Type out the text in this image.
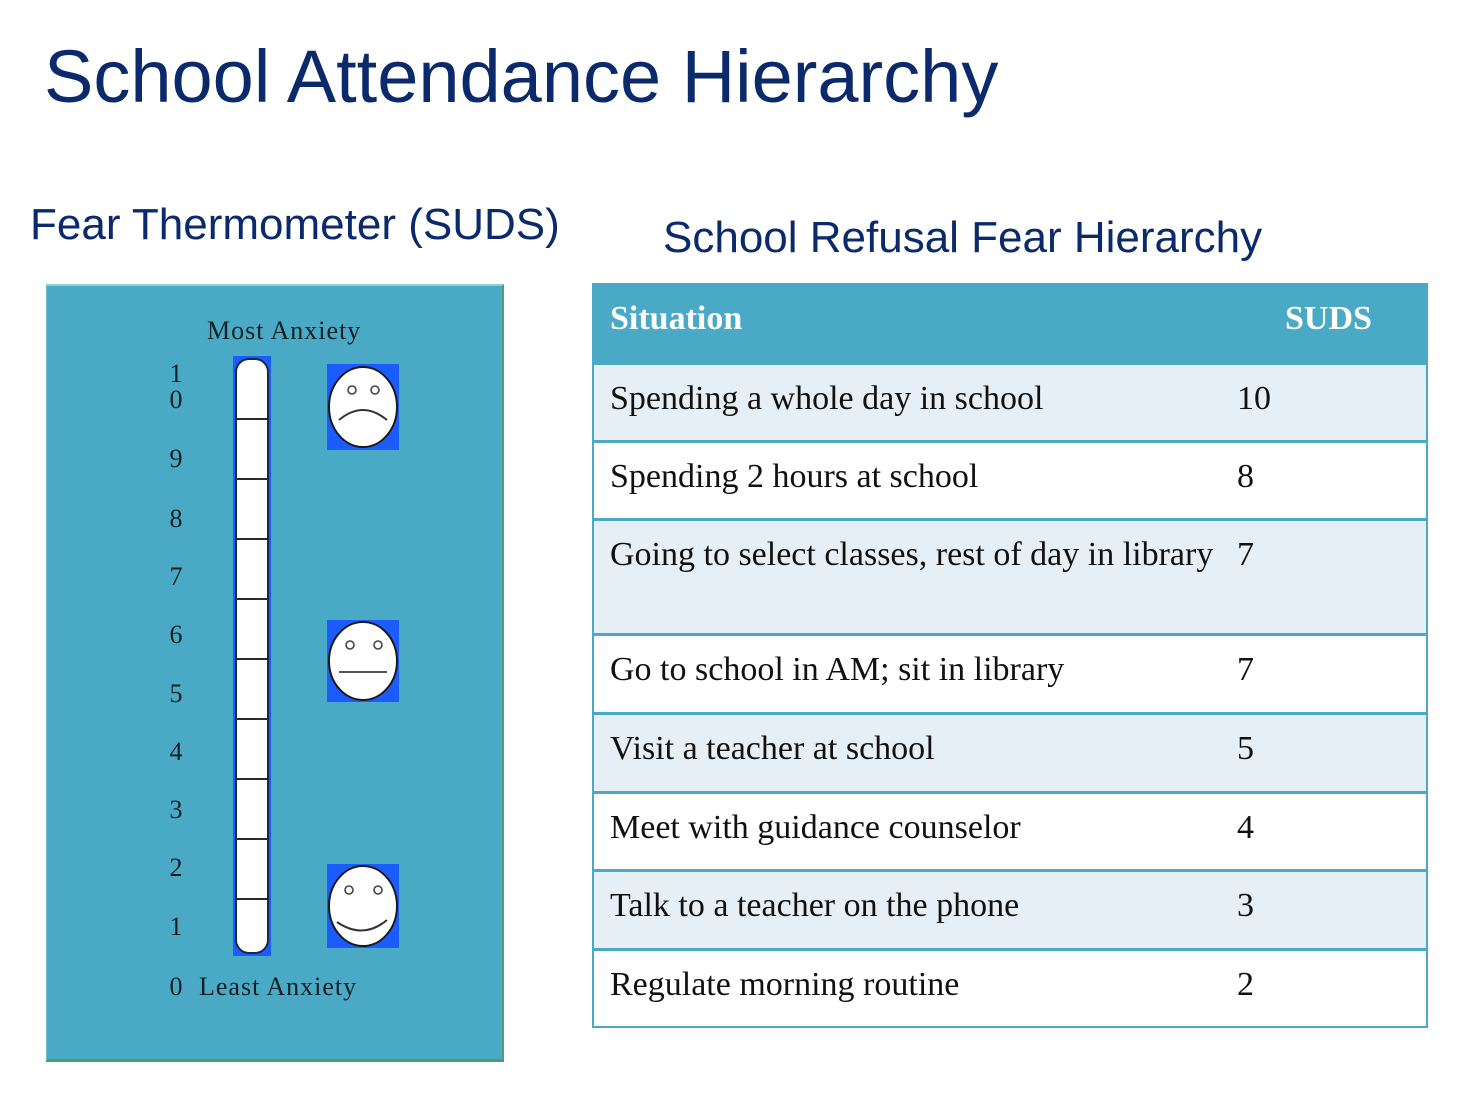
School Attendance Hierarchy
Fear Thermometer (SUDS) School Refusal Fear Hierarchy
Most Anxiety
1
0
9
8
7
6
5
4
3
2
1
0 Least Anxiety
Situation	SUDS
Spending a whole day in school	10
Spending 2 hours at school	8
Going to select classes, rest of day in library	7
Go to school in AM; sit in library	7
Visit a teacher at school	5
Meet with guidance counselor	4
Talk to a teacher on the phone	3
Regulate morning routine	2
